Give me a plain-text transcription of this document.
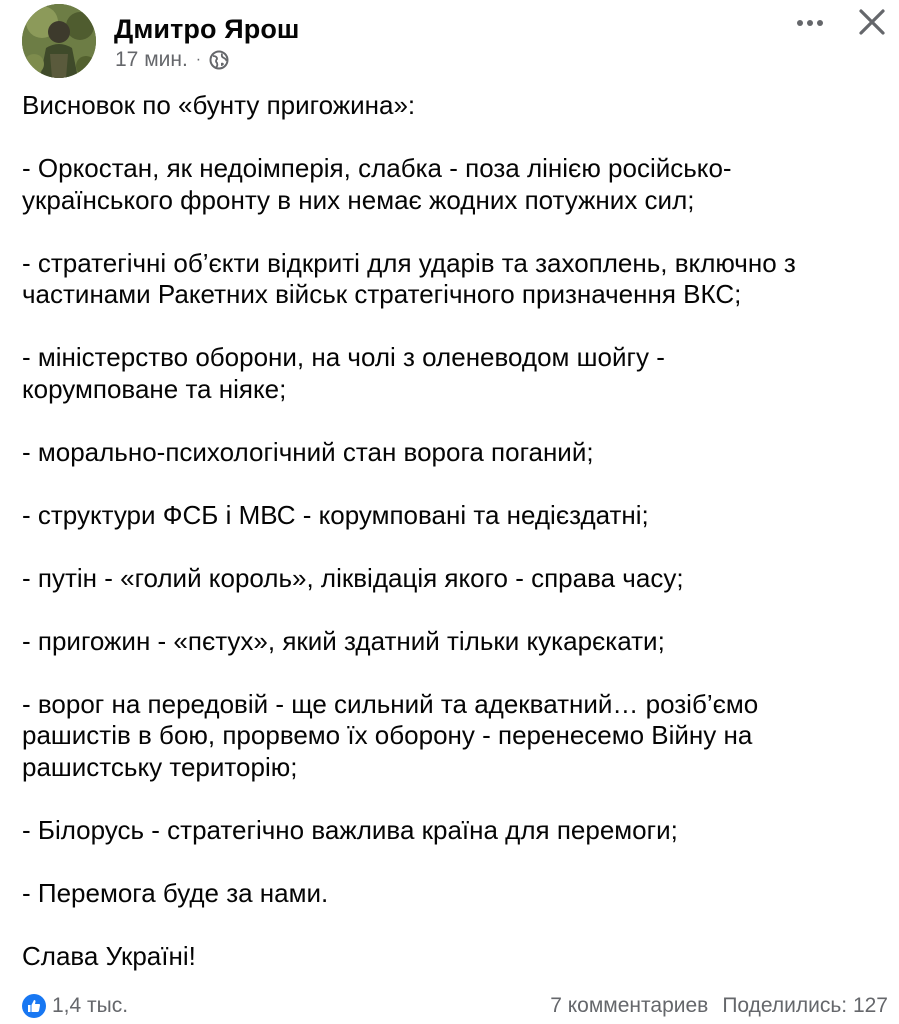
Дмитро Ярош
17 мин. ·

Висновок по «бунту пригожина»:

- Оркостан, як недоімперія, слабка - поза лінією російсько-
українського фронту в них немає жодних потужних сил;

- стратегічні об’єкти відкриті для ударів та захоплень, включно з
частинами Ракетних військ стратегічного призначення ВКС;

- міністерство оборони, на чолі з оленеводом шойгу -
корумповане та ніяке;

- морально-психологічний стан ворога поганий;

- структури ФСБ і МВС - корумповані та недієздатні;

- путін - «голий король», ліквідація якого - справа часу;

- пригожин - «пєтух», який здатний тільки кукарєкати;

- ворог на передовій - ще сильний та адекватний… розіб’ємо
рашистів в бою, прорвемо їх оборону - перенесемо Війну на
рашистську територію;

- Білорусь - стратегічно важлива країна для перемоги;

- Перемога буде за нами.

Слава Україні!

1,4 тыс.	7 комментариев Поделились: 127
